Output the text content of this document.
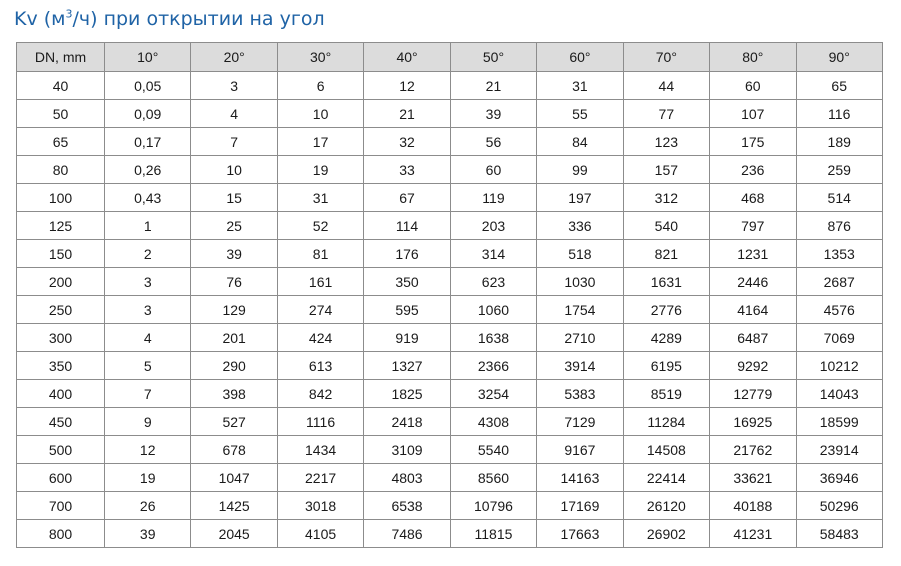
Kv $(м^3/ч)$ при открытии на угол
DN, mm	10°	20°	30°	40°	50°	60°	70°	80°	90°
40	0,05	3	6	12	21	31	44	60	65
50	0,09	4	10	21	39	55	77	107	116
65	0,17	7	17	32	56	84	123	175	189
80	0,26	10	19	33	60	99	157	236	259
100	0,43	15	31	67	119	197	312	468	514
125	1	25	52	114	203	336	540	797	876
150	2	39	81	176	314	518	821	1231	1353
200	3	76	161	350	623	1030	1631	2446	2687
250	3	129	274	595	1060	1754	2776	4164	4576
300	4	201	424	919	1638	2710	4289	6487	7069
350	5	290	613	1327	2366	3914	6195	9292	10212
400	7	398	842	1825	3254	5383	8519	12779	14043
450	9	527	1116	2418	4308	7129	11284	16925	18599
500	12	678	1434	3109	5540	9167	14508	21762	23914
600	19	1047	2217	4803	8560	14163	22414	33621	36946
700	26	1425	3018	6538	10796	17169	26120	40188	50296
800	39	2045	4105	7486	11815	17663	26902	41231	58483
